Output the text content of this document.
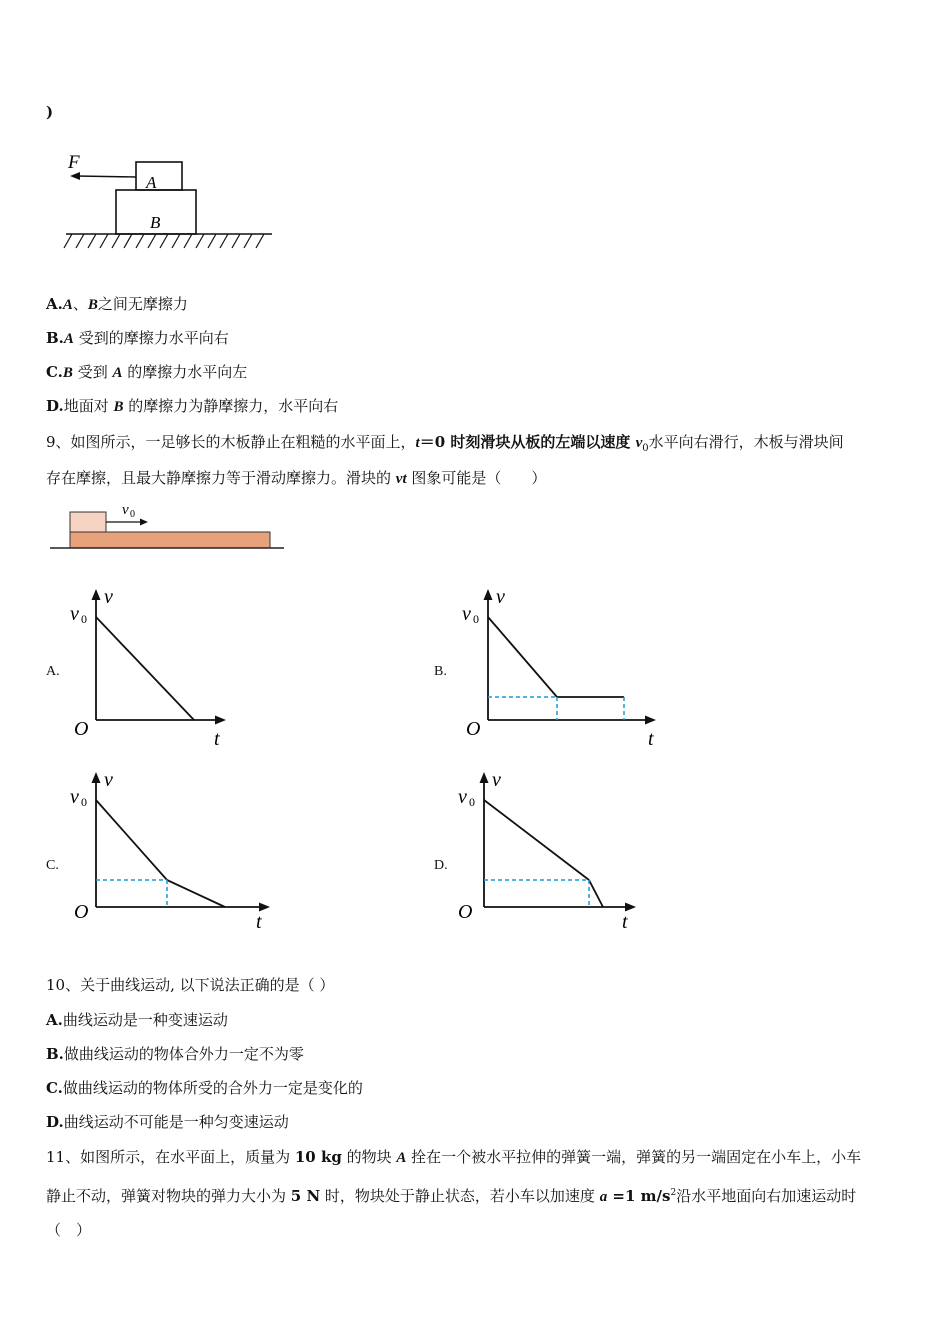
)
F
A
B
A.A、B之间无摩擦力
B.A 受到的摩擦力水平向右
C.B 受到 A 的摩擦力水平向左
D.地面对 B 的摩擦力为静摩擦力，水平向右
9、如图所示，一足够长的木板静止在粗糙的水平面上，t＝0 时刻滑块从板的左端以速度 $v_0$水平向右滑行，木板与滑块间
存在摩擦，且最大静摩擦力等于滑动摩擦力。滑块的 vt 图象可能是（　　）
v 0
A.
v
v 0
O	t
B.
v
v 0
O	t
C.
v
v 0
O	t
D.
v
v 0
O	t
10、关于曲线运动, 以下说法正确的是（ ）
A.曲线运动是一种变速运动
B.做曲线运动的物体合外力一定不为零
C.做曲线运动的物体所受的合外力一定是变化的
D.曲线运动不可能是一种匀变速运动
11、如图所示，在水平面上，质量为 10 kg 的物块 A 拴在一个被水平拉伸的弹簧一端，弹簧的另一端固定在小车上，小车
静止不动，弹簧对物块的弹力大小为 5 N 时，物块处于静止状态，若小车以加速度 a =1 $m/s^2$沿水平地面向右加速运动时
（　）
